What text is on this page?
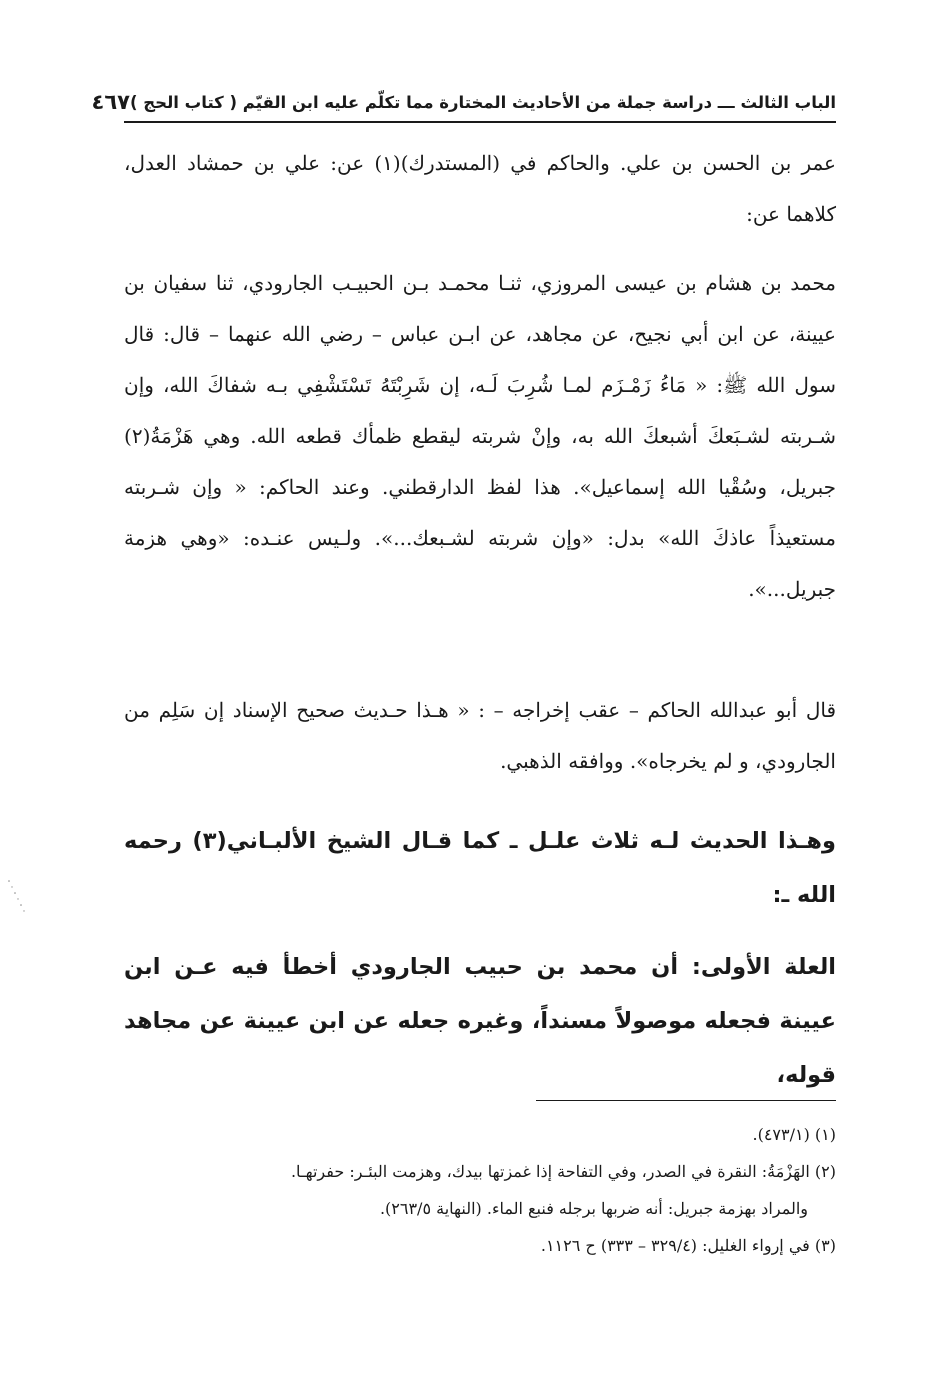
الباب الثالث ـــ دراسة جملة من الأحاديث المختارة مما تكلّم عليه ابن القيّم ( كتاب الحج )
٤٦٧

عمر بن الحسن بن علي. والحاكم في (المستدرك)(١) عن: علي بن حمشاد العدل، كلاهما عن:

محمد بن هشام بن عيسى المروزي، ثنـا محمـد بـن الحبيـب الجارودي، ثنا سفيان بن عيينة، عن ابن أبي نجيح، عن مجاهد، عن ابـن عباس – رضي الله عنهما – قال: قال سول الله ﷺ: « مَاءُ زَمْـزَم لمـا شُرِبَ لَـه، إن شَرِبْتَهُ تَسْتَشْفِي بـه شفاكَ الله، وإن شـربته لشـبَعكَ أشبعكَ الله به، وإنْ شربته ليقطع ظمأك قطعه الله. وهي هَزْمَةُ(٢) جبريل، وسُقْيا الله إسماعيل». هذا لفظ الدارقطني. وعند الحاكم: « وإن شـربته مستعيذاً عاذكَ الله» بدل: «وإن شربته لشـبعك...». ولـيس عنـده: «وهي هزمة جبريل...».

قال أبو عبدالله الحاكم – عقب إخراجه – : « هـذا حـديث صحيح الإسناد إن سَلِم من الجارودي، و لم يخرجاه». ووافقه الذهبي.

وهـذا الحديث لـه ثلاث علـل ـ كما قـال الشيخ الألبـاني(٣) رحمه الله ـ:

العلة الأولى: أن محمد بن حبيب الجارودي أخطأ فيه عـن ابن عيينة فجعله موصولاً مسنداً، وغيره جعله عن ابن عيينة عن مجاهد قوله،

(١) (٤٧٣/١).
(٢) الهَزْمَةُ: النقرة في الصدر، وفي التفاحة إذا غمزتها بيدك، وهزمت البئـر: حفرتهـا.
والمراد بهزمة جبريل: أنه ضربها برجله فنبع الماء. (النهاية ٢٦٣/٥).
(٣) في إرواء الغليل: (٣٢٩/٤ – ٣٣٣) ح ١١٢٦.
